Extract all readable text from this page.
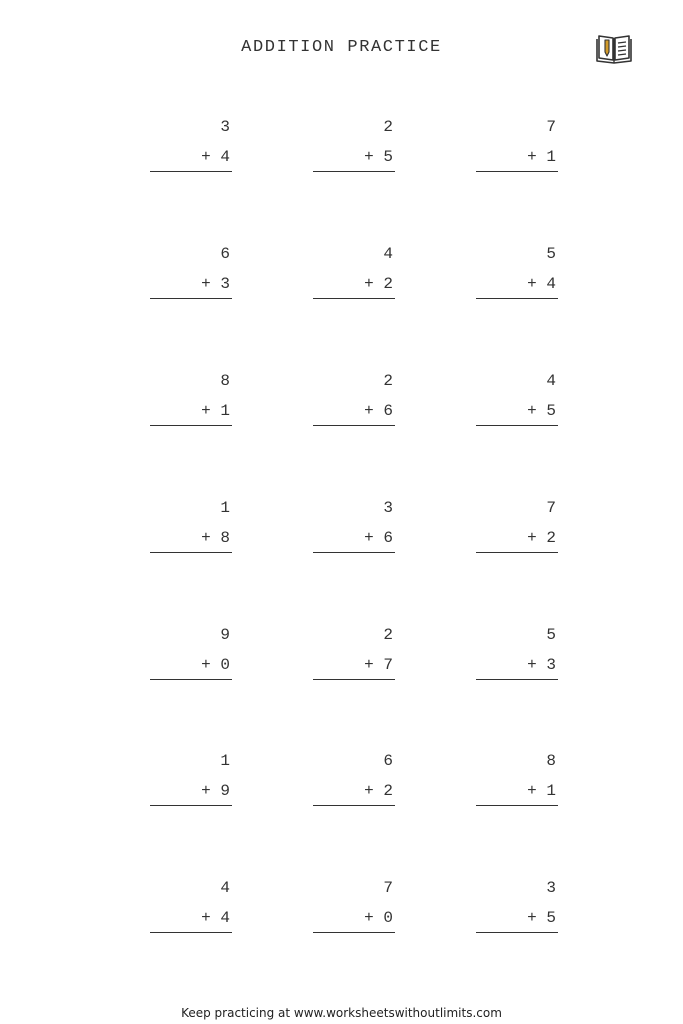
ADDITION PRACTICE
3
+ 4
2
+ 5
7
+ 1
6
+ 3
4
+ 2
5
+ 4
8
+ 1
2
+ 6
4
+ 5
1
+ 8
3
+ 6
7
+ 2
9
+ 0
2
+ 7
5
+ 3
1
+ 9
6
+ 2
8
+ 1
4
+ 4
7
+ 0
3
+ 5
Keep practicing at www.worksheetswithoutlimits.com
